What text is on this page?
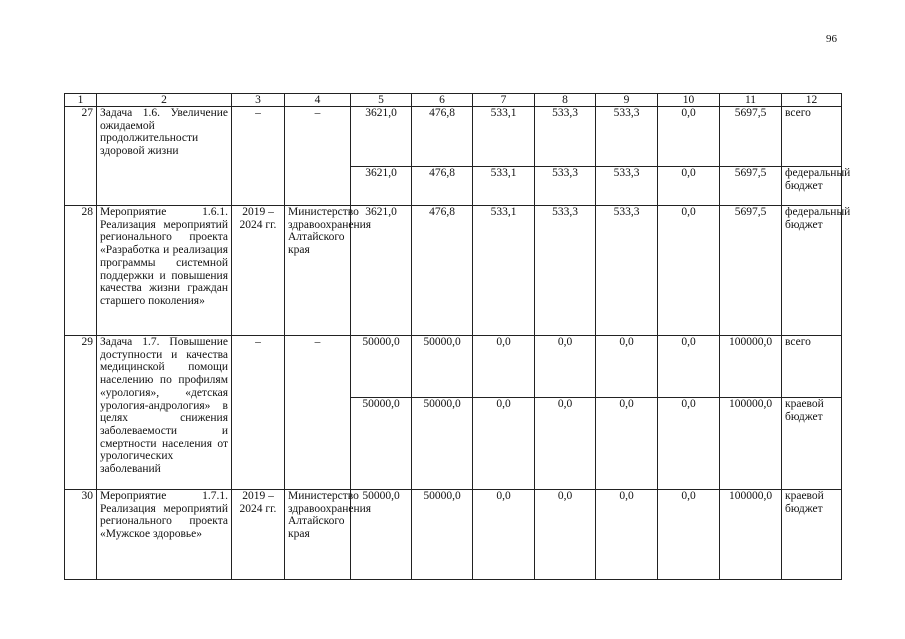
96
1	2	3	4	5	6	7	8	9	10	11	12
27	Задача 1.6. Увеличение ожидаемой продолжительности здоровой жизни	–	–	3621,0	476,8	533,1	533,3	533,3	0,0	5697,5	всего
				3621,0	476,8	533,1	533,3	533,3	0,0	5697,5	федеральный бюджет
28	Мероприятие 1.6.1. Реализация мероприятий регионального проекта «Разработка и реализация программы системной поддержки и повышения качества жизни граждан старшего поколения»	2019 – 2024 гг.	Министерство здравоохранения Алтайского края	3621,0	476,8	533,1	533,3	533,3	0,0	5697,5	федеральный бюджет
29	Задача 1.7. Повышение доступности и качества медицинской помощи населению по профилям «урология», «детская урология-андрология» в целях снижения заболеваемости и смертности населения от урологических заболеваний	–	–	50000,0	50000,0	0,0	0,0	0,0	0,0	100000,0	всего
				50000,0	50000,0	0,0	0,0	0,0	0,0	100000,0	краевой бюджет
30	Мероприятие 1.7.1. Реализация мероприятий регионального проекта «Мужское здоровье»	2019 – 2024 гг.	Министерство здравоохранения Алтайского края	50000,0	50000,0	0,0	0,0	0,0	0,0	100000,0	краевой бюджет
